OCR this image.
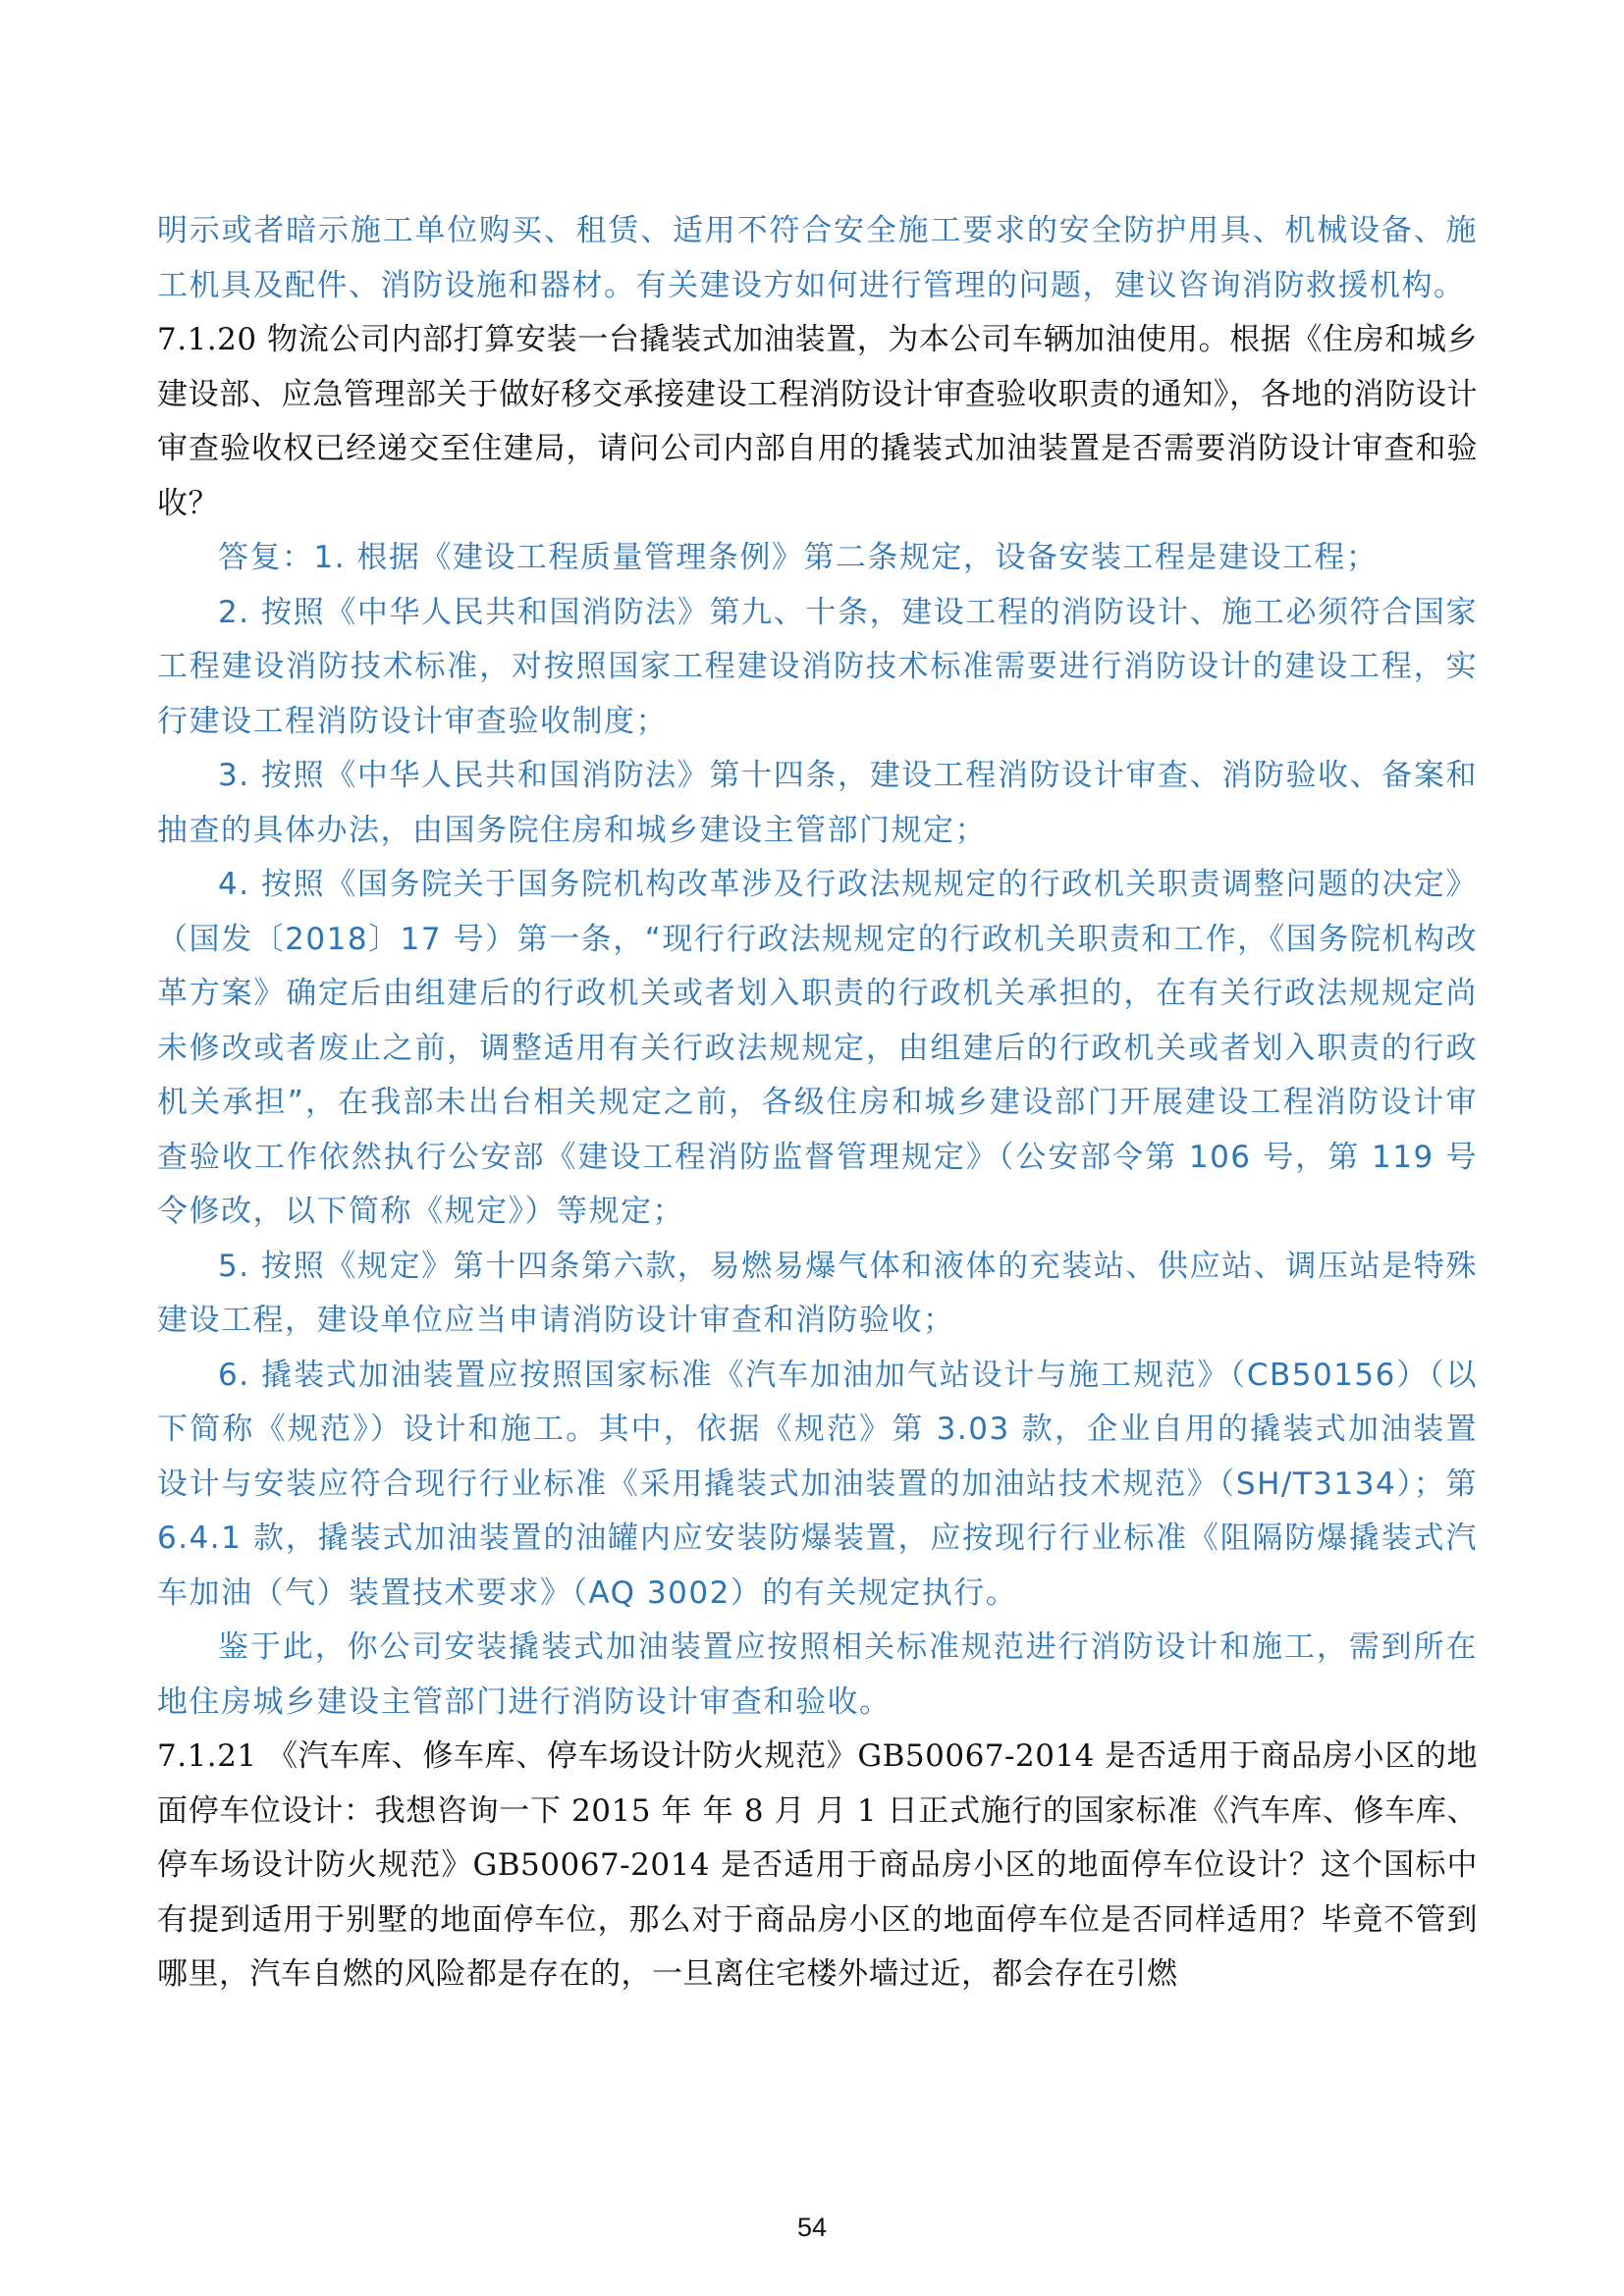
明示或者暗示施工单位购买、租赁、适用不符合安全施工要求的安全防护用具、机械设备、施工机具及配件、消防设施和器材。有关建设方如何进行管理的问题，建议咨询消防救援机构。

7.1.20 物流公司内部打算安装一台撬装式加油装置，为本公司车辆加油使用。根据《住房和城乡建设部、应急管理部关于做好移交承接建设工程消防设计审查验收职责的通知》，各地的消防设计审查验收权已经递交至住建局，请问公司内部自用的撬装式加油装置是否需要消防设计审查和验收？

答复：1. 根据《建设工程质量管理条例》第二条规定，设备安装工程是建设工程；

2. 按照《中华人民共和国消防法》第九、十条，建设工程的消防设计、施工必须符合国家工程建设消防技术标准，对按照国家工程建设消防技术标准需要进行消防设计的建设工程，实行建设工程消防设计审查验收制度；

3. 按照《中华人民共和国消防法》第十四条，建设工程消防设计审查、消防验收、备案和抽查的具体办法，由国务院住房和城乡建设主管部门规定；

4. 按照《国务院关于国务院机构改革涉及行政法规规定的行政机关职责调整问题的决定》（国发〔2018〕17 号）第一条，“现行行政法规规定的行政机关职责和工作，《国务院机构改革方案》确定后由组建后的行政机关或者划入职责的行政机关承担的，在有关行政法规规定尚未修改或者废止之前，调整适用有关行政法规规定，由组建后的行政机关或者划入职责的行政机关承担”，在我部未出台相关规定之前，各级住房和城乡建设部门开展建设工程消防设计审查验收工作依然执行公安部《建设工程消防监督管理规定》（公安部令第 106 号，第 119 号令修改，以下简称《规定》）等规定；

5. 按照《规定》第十四条第六款，易燃易爆气体和液体的充装站、供应站、调压站是特殊建设工程，建设单位应当申请消防设计审查和消防验收；

6. 撬装式加油装置应按照国家标准《汽车加油加气站设计与施工规范》（CB50156）（以下简称《规范》）设计和施工。其中，依据《规范》第 3.03 款，企业自用的撬装式加油装置设计与安装应符合现行行业标准《采用撬装式加油装置的加油站技术规范》（SH/T3134）；第 6.4.1 款，撬装式加油装置的油罐内应安装防爆装置，应按现行行业标准《阻隔防爆撬装式汽车加油（气）装置技术要求》（AQ 3002）的有关规定执行。

鉴于此，你公司安装撬装式加油装置应按照相关标准规范进行消防设计和施工，需到所在地住房城乡建设主管部门进行消防设计审查和验收。

7.1.21 《汽车库、修车库、停车场设计防火规范》GB50067-2014 是否适用于商品房小区的地面停车位设计：我想咨询一下 2015 年 年 8 月 月 1 日正式施行的国家标准《汽车库、修车库、停车场设计防火规范》GB50067-2014 是否适用于商品房小区的地面停车位设计？这个国标中有提到适用于别墅的地面停车位，那么对于商品房小区的地面停车位是否同样适用？毕竟不管到哪里，汽车自燃的风险都是存在的，一旦离住宅楼外墙过近，都会存在引燃

54
